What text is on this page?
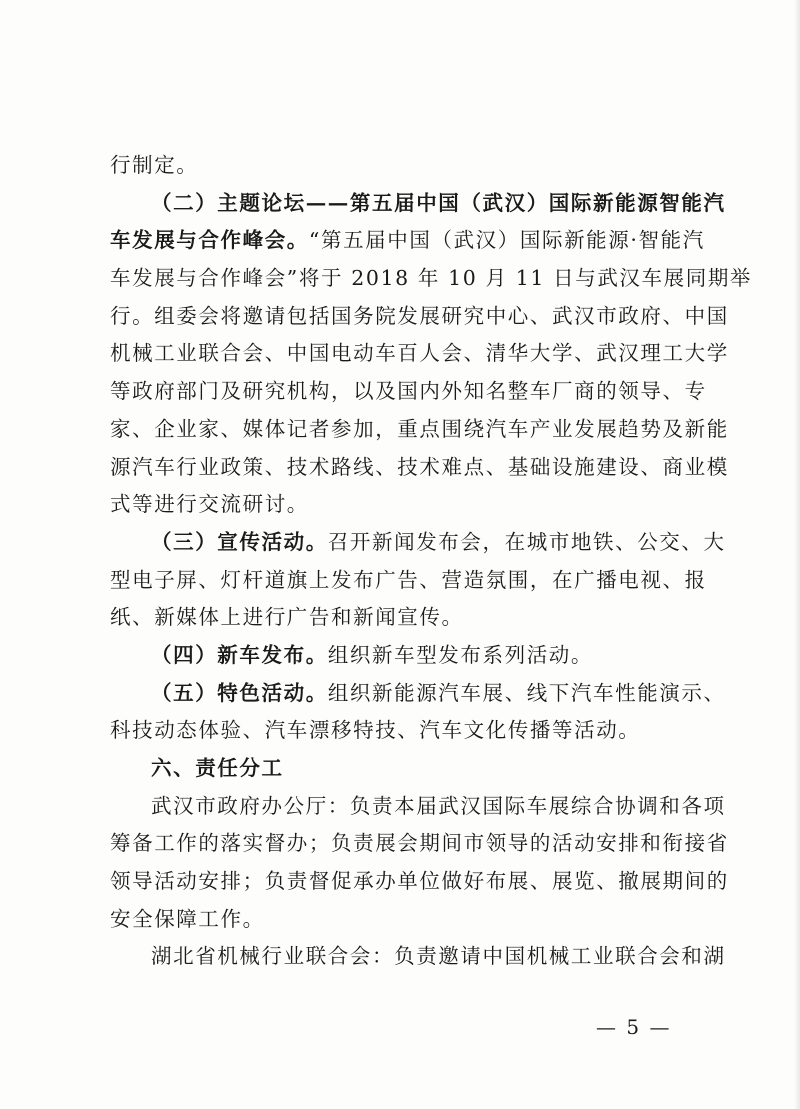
行制定。
（二）主题论坛——第五届中国（武汉）国际新能源智能汽
车发展与合作峰会。“第五届中国（武汉）国际新能源·智能汽
车发展与合作峰会”将于 2018 年 10 月 11 日与武汉车展同期举
行。组委会将邀请包括国务院发展研究中心、武汉市政府、中国
机械工业联合会、中国电动车百人会、清华大学、武汉理工大学
等政府部门及研究机构，以及国内外知名整车厂商的领导、专
家、企业家、媒体记者参加，重点围绕汽车产业发展趋势及新能
源汽车行业政策、技术路线、技术难点、基础设施建设、商业模
式等进行交流研讨。
（三）宣传活动。召开新闻发布会，在城市地铁、公交、大
型电子屏、灯杆道旗上发布广告、营造氛围，在广播电视、报
纸、新媒体上进行广告和新闻宣传。
（四）新车发布。组织新车型发布系列活动。
（五）特色活动。组织新能源汽车展、线下汽车性能演示、
科技动态体验、汽车漂移特技、汽车文化传播等活动。
六、责任分工
武汉市政府办公厅：负责本届武汉国际车展综合协调和各项
筹备工作的落实督办；负责展会期间市领导的活动安排和衔接省
领导活动安排；负责督促承办单位做好布展、展览、撤展期间的
安全保障工作。
湖北省机械行业联合会：负责邀请中国机械工业联合会和湖
— 5 —
